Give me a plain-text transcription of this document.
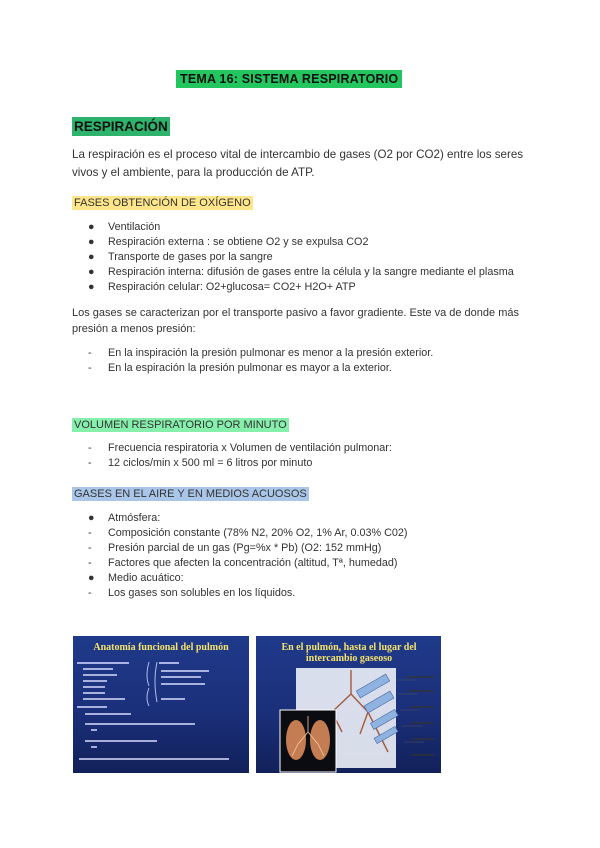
TEMA 16: SISTEMA RESPIRATORIO
RESPIRACIÓN
La respiración es el proceso vital de intercambio de gases (O2 por CO2) entre los seres vivos y el ambiente, para la producción de ATP.
FASES OBTENCIÓN DE OXÍGENO
● Ventilación
● Respiración externa : se obtiene O2 y se expulsa CO2
● Transporte de gases por la sangre
● Respiración interna: difusión de gases entre la célula y la sangre mediante el plasma
● Respiración celular: O2+glucosa= CO2+ H2O+ ATP
Los gases se caracterizan por el transporte pasivo a favor gradiente. Este va de donde más presión a menos presión:
- En la inspiración la presión pulmonar es menor a la presión exterior.
- En la espiración la presión pulmonar es mayor a la exterior.
VOLUMEN RESPIRATORIO POR MINUTO
- Frecuencia respiratoria x Volumen de ventilación pulmonar:
- 12 ciclos/min x 500 ml = 6 litros por minuto
GASES EN EL AIRE Y EN MEDIOS ACUOSOS
● Atmósfera:
- Composición constante (78% N2, 20% O2, 1% Ar, 0.03% C02)
- Presión parcial de un gas (Pg=%x * Pb) (O2: 152 mmHg)
- Factores que afecten la concentración (altitud, Tª, humedad)
● Medio acuático:
- Los gases son solubles en los líquidos.
Anatomía funcional del pulmón	En el pulmón, hasta el lugar del intercambio gaseoso
